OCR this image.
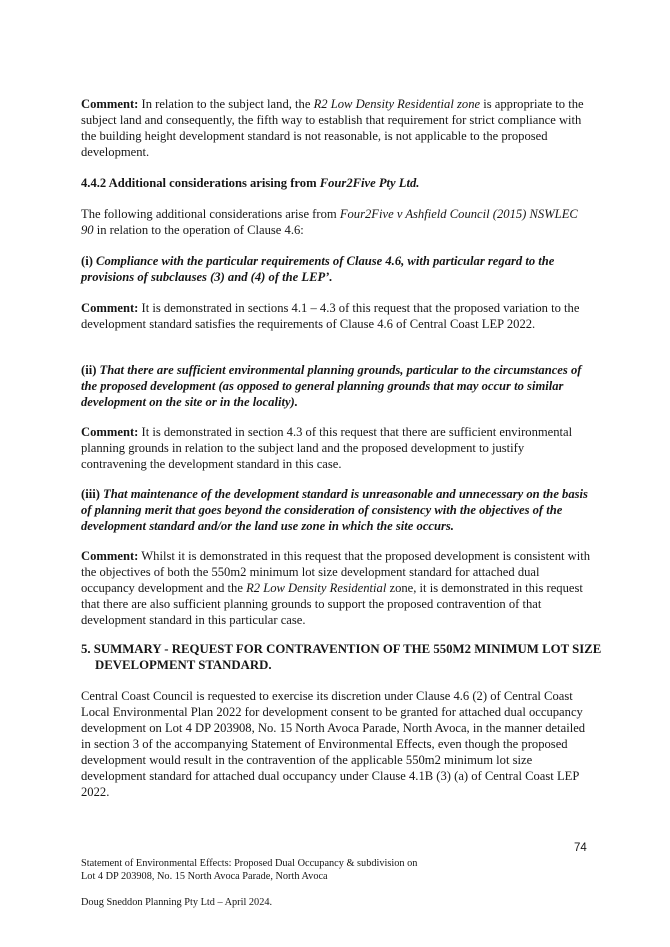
Comment: In relation to the subject land, the R2 Low Density Residential zone is appropriate to the subject land and consequently, the fifth way to establish that requirement for strict compliance with the building height development standard is not reasonable, is not applicable to the proposed development.

4.4.2 Additional considerations arising from Four2Five Pty Ltd.

The following additional considerations arise from Four2Five v Ashfield Council (2015) NSWLEC 90 in relation to the operation of Clause 4.6:

(i) Compliance with the particular requirements of Clause 4.6, with particular regard to the provisions of subclauses (3) and (4) of the LEP’.

Comment: It is demonstrated in sections 4.1 – 4.3 of this request that the proposed variation to the development standard satisfies the requirements of Clause 4.6 of Central Coast LEP 2022.

(ii) That there are sufficient environmental planning grounds, particular to the circumstances of the proposed development (as opposed to general planning grounds that may occur to similar development on the site or in the locality).

Comment: It is demonstrated in section 4.3 of this request that there are sufficient environmental planning grounds in relation to the subject land and the proposed development to justify contravening the development standard in this case.

(iii) That maintenance of the development standard is unreasonable and unnecessary on the basis of planning merit that goes beyond the consideration of consistency with the objectives of the development standard and/or the land use zone in which the site occurs.

Comment: Whilst it is demonstrated in this request that the proposed development is consistent with the objectives of both the 550m2 minimum lot size development standard for attached dual occupancy development and the R2 Low Density Residential zone, it is demonstrated in this request that there are also sufficient planning grounds to support the proposed contravention of that development standard in this particular case.

5. SUMMARY - REQUEST FOR CONTRAVENTION OF THE 550M2 MINIMUM LOT SIZE DEVELOPMENT STANDARD.

Central Coast Council is requested to exercise its discretion under Clause 4.6 (2) of Central Coast Local Environmental Plan 2022 for development consent to be granted for attached dual occupancy development on Lot 4 DP 203908, No. 15 North Avoca Parade, North Avoca, in the manner detailed in section 3 of the accompanying Statement of Environmental Effects, even though the proposed development would result in the contravention of the applicable 550m2 minimum lot size development standard for attached dual occupancy under Clause 4.1B (3) (a) of Central Coast LEP 2022.

74

Statement of Environmental Effects: Proposed Dual Occupancy & subdivision on

Lot 4 DP 203908, No. 15 North Avoca Parade, North Avoca

Doug Sneddon Planning Pty Ltd – April 2024.
